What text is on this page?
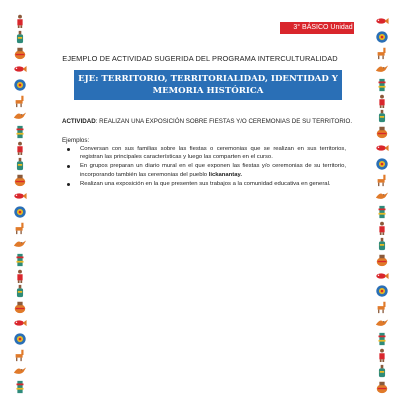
3° BÁSICO Unidad 2
EJEMPLO DE ACTIVIDAD SUGERIDA DEL PROGRAMA INTERCULTURALIDAD
EJE: TERRITORIO, TERRITORIALIDAD, IDENTIDAD Y
MEMORIA HISTÓRICA
ACTIVIDAD: REALIZAN UNA EXPOSICIÓN SOBRE FIESTAS Y/O CEREMONIAS DE SU TERRITORIO.
Ejemplos:
Conversan con sus familias sobre las fiestas o ceremonias que se realizan en sus territorios, registran las principales características y luego las comparten en el curso.
En grupos preparan un diario mural en el que exponen las fiestas y/o ceremonias de su territorio, incorporando también las ceremonias del pueblo lickanantay.
Realizan una exposición en la que presenten sus trabajos a la comunidad educativa en general.
